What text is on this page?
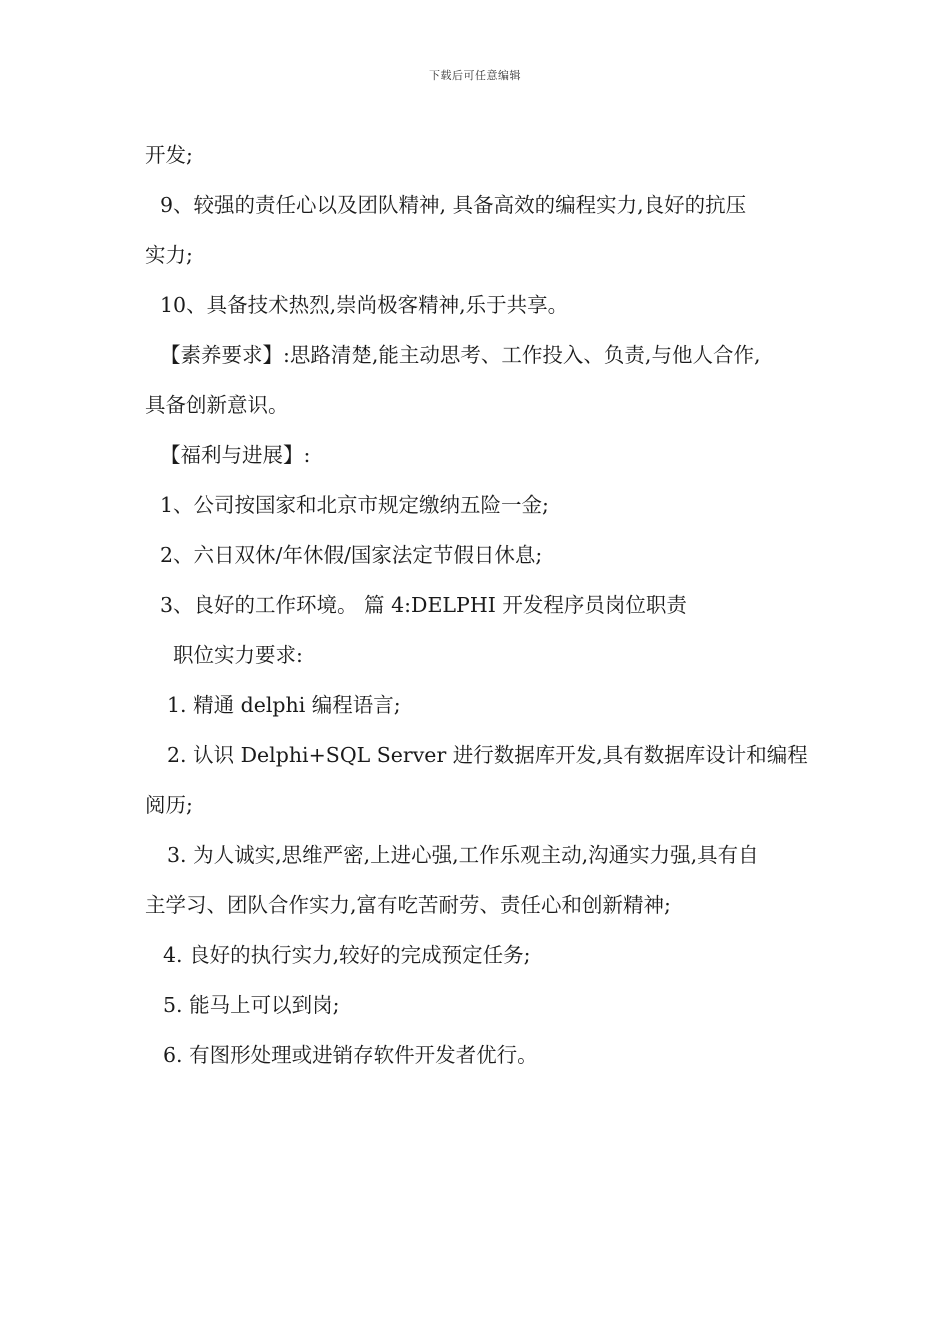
下载后可任意编辑
开发;
9、较强的责任心以及团队精神, 具备高效的编程实力,良好的抗压
实力;
10、具备技术热烈,崇尚极客精神,乐于共享。
【素养要求】:思路清楚,能主动思考、工作投入、负责,与他人合作,
具备创新意识。
【福利与进展】:
1、公司按国家和北京市规定缴纳五险一金;
2、六日双休/年休假/国家法定节假日休息;
3、良好的工作环境。 篇 4:DELPHI 开发程序员岗位职责
职位实力要求:
1. 精通 delphi 编程语言;
2. 认识 Delphi+SQL Server 进行数据库开发,具有数据库设计和编程
阅历;
3. 为人诚实,思维严密,上进心强,工作乐观主动,沟通实力强,具有自
主学习、团队合作实力,富有吃苦耐劳、责任心和创新精神;
4. 良好的执行实力,较好的完成预定任务;
5. 能马上可以到岗;
6. 有图形处理或进销存软件开发者优行。
